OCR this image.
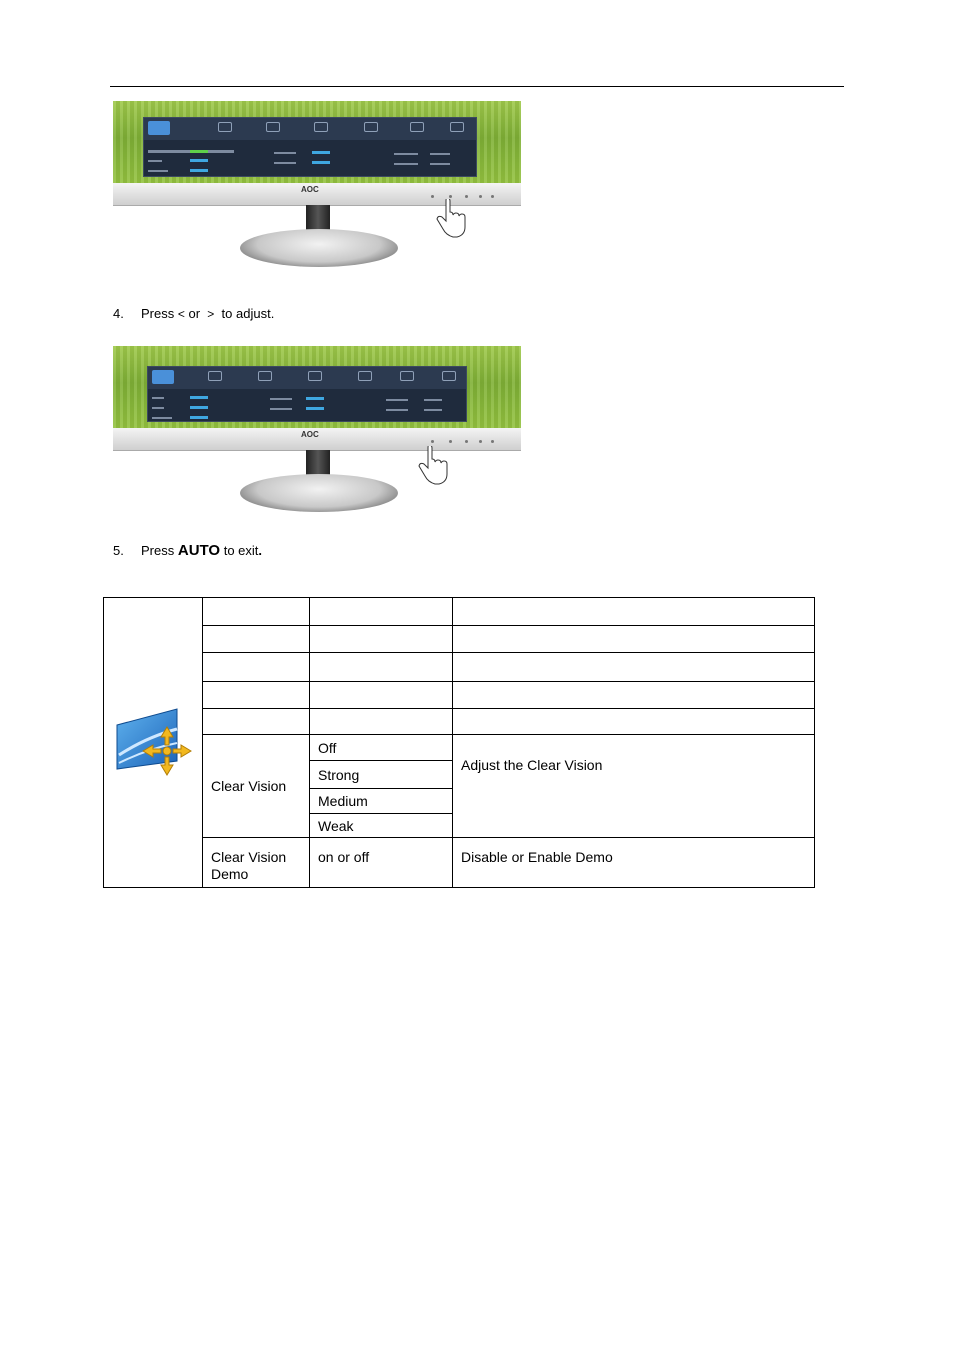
AOC
4. Press < or > to adjust.
AOC
5. Press AUTO to exit.

	Clear Vision	Off	Adjust the Clear Vision
		Strong	
		Medium	
		Weak	
	Clear Vision Demo	on or off	Disable or Enable Demo
